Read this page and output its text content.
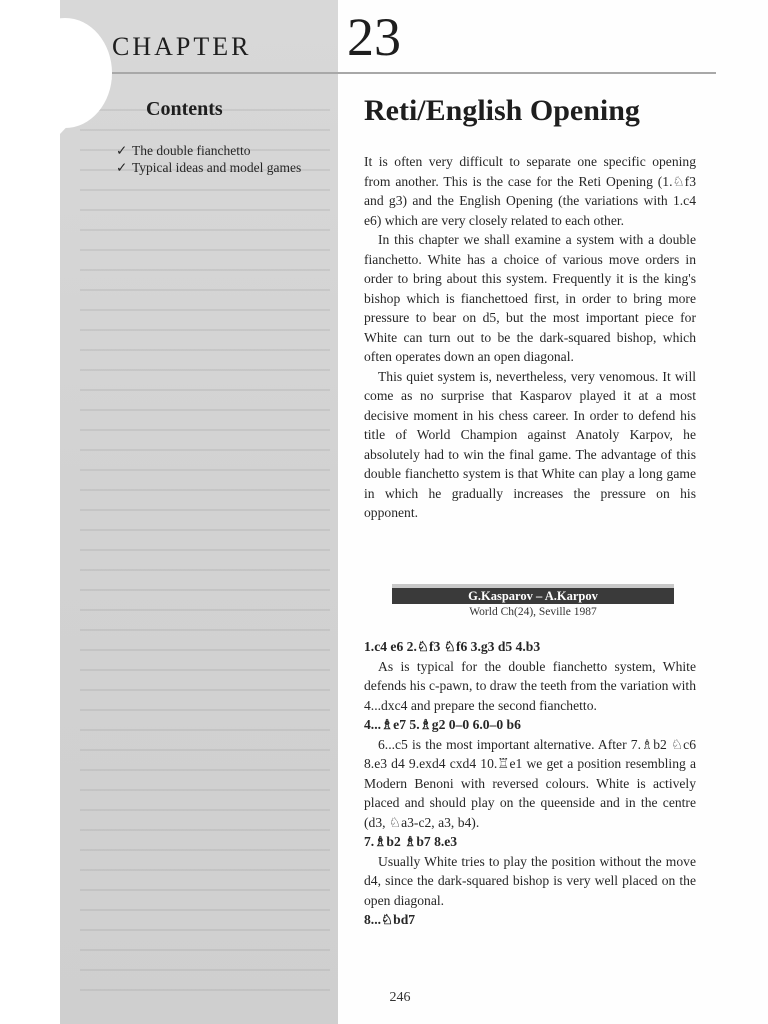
CHAPTER 23
Contents
✓ The double fianchetto
✓ Typical ideas and model games
Reti/English Opening

It is often very difficult to separate one specific opening from another. This is the case for the Reti Opening (1.♘f3 and g3) and the English Opening (the variations with 1.c4 e6) which are very closely related to each other.

In this chapter we shall examine a system with a double fianchetto. White has a choice of various move orders in order to bring about this system. Frequently it is the king's bishop which is fianchettoed first, in order to bring more pressure to bear on d5, but the most important piece for White can turn out to be the dark-squared bishop, which often operates down an open diagonal.

This quiet system is, nevertheless, very venomous. It will come as no surprise that Kasparov played it at a most decisive moment in his chess career. In order to defend his title of World Champion against Anatoly Karpov, he absolutely had to win the final game. The advantage of this double fianchetto system is that White can play a long game in which he gradually increases the pressure on his opponent.

G.Kasparov – A.Karpov
World Ch(24), Seville 1987

1.c4 e6 2.♘f3 ♘f6 3.g3 d5 4.b3

As is typical for the double fianchetto system, White defends his c-pawn, to draw the teeth from the variation with 4...dxc4 and prepare the second fianchetto.

4...♗e7 5.♗g2 0–0 6.0–0 b6

6...c5 is the most important alternative. After 7.♗b2 ♘c6 8.e3 d4 9.exd4 cxd4 10.♖e1 we get a position resembling a Modern Benoni with reversed colours. White is actively placed and should play on the queenside and in the centre (d3, ♘a3-c2, a3, b4).

7.♗b2 ♗b7 8.e3

Usually White tries to play the position without the move d4, since the dark-squared bishop is very well placed on the open diagonal.

8...♘bd7

246
